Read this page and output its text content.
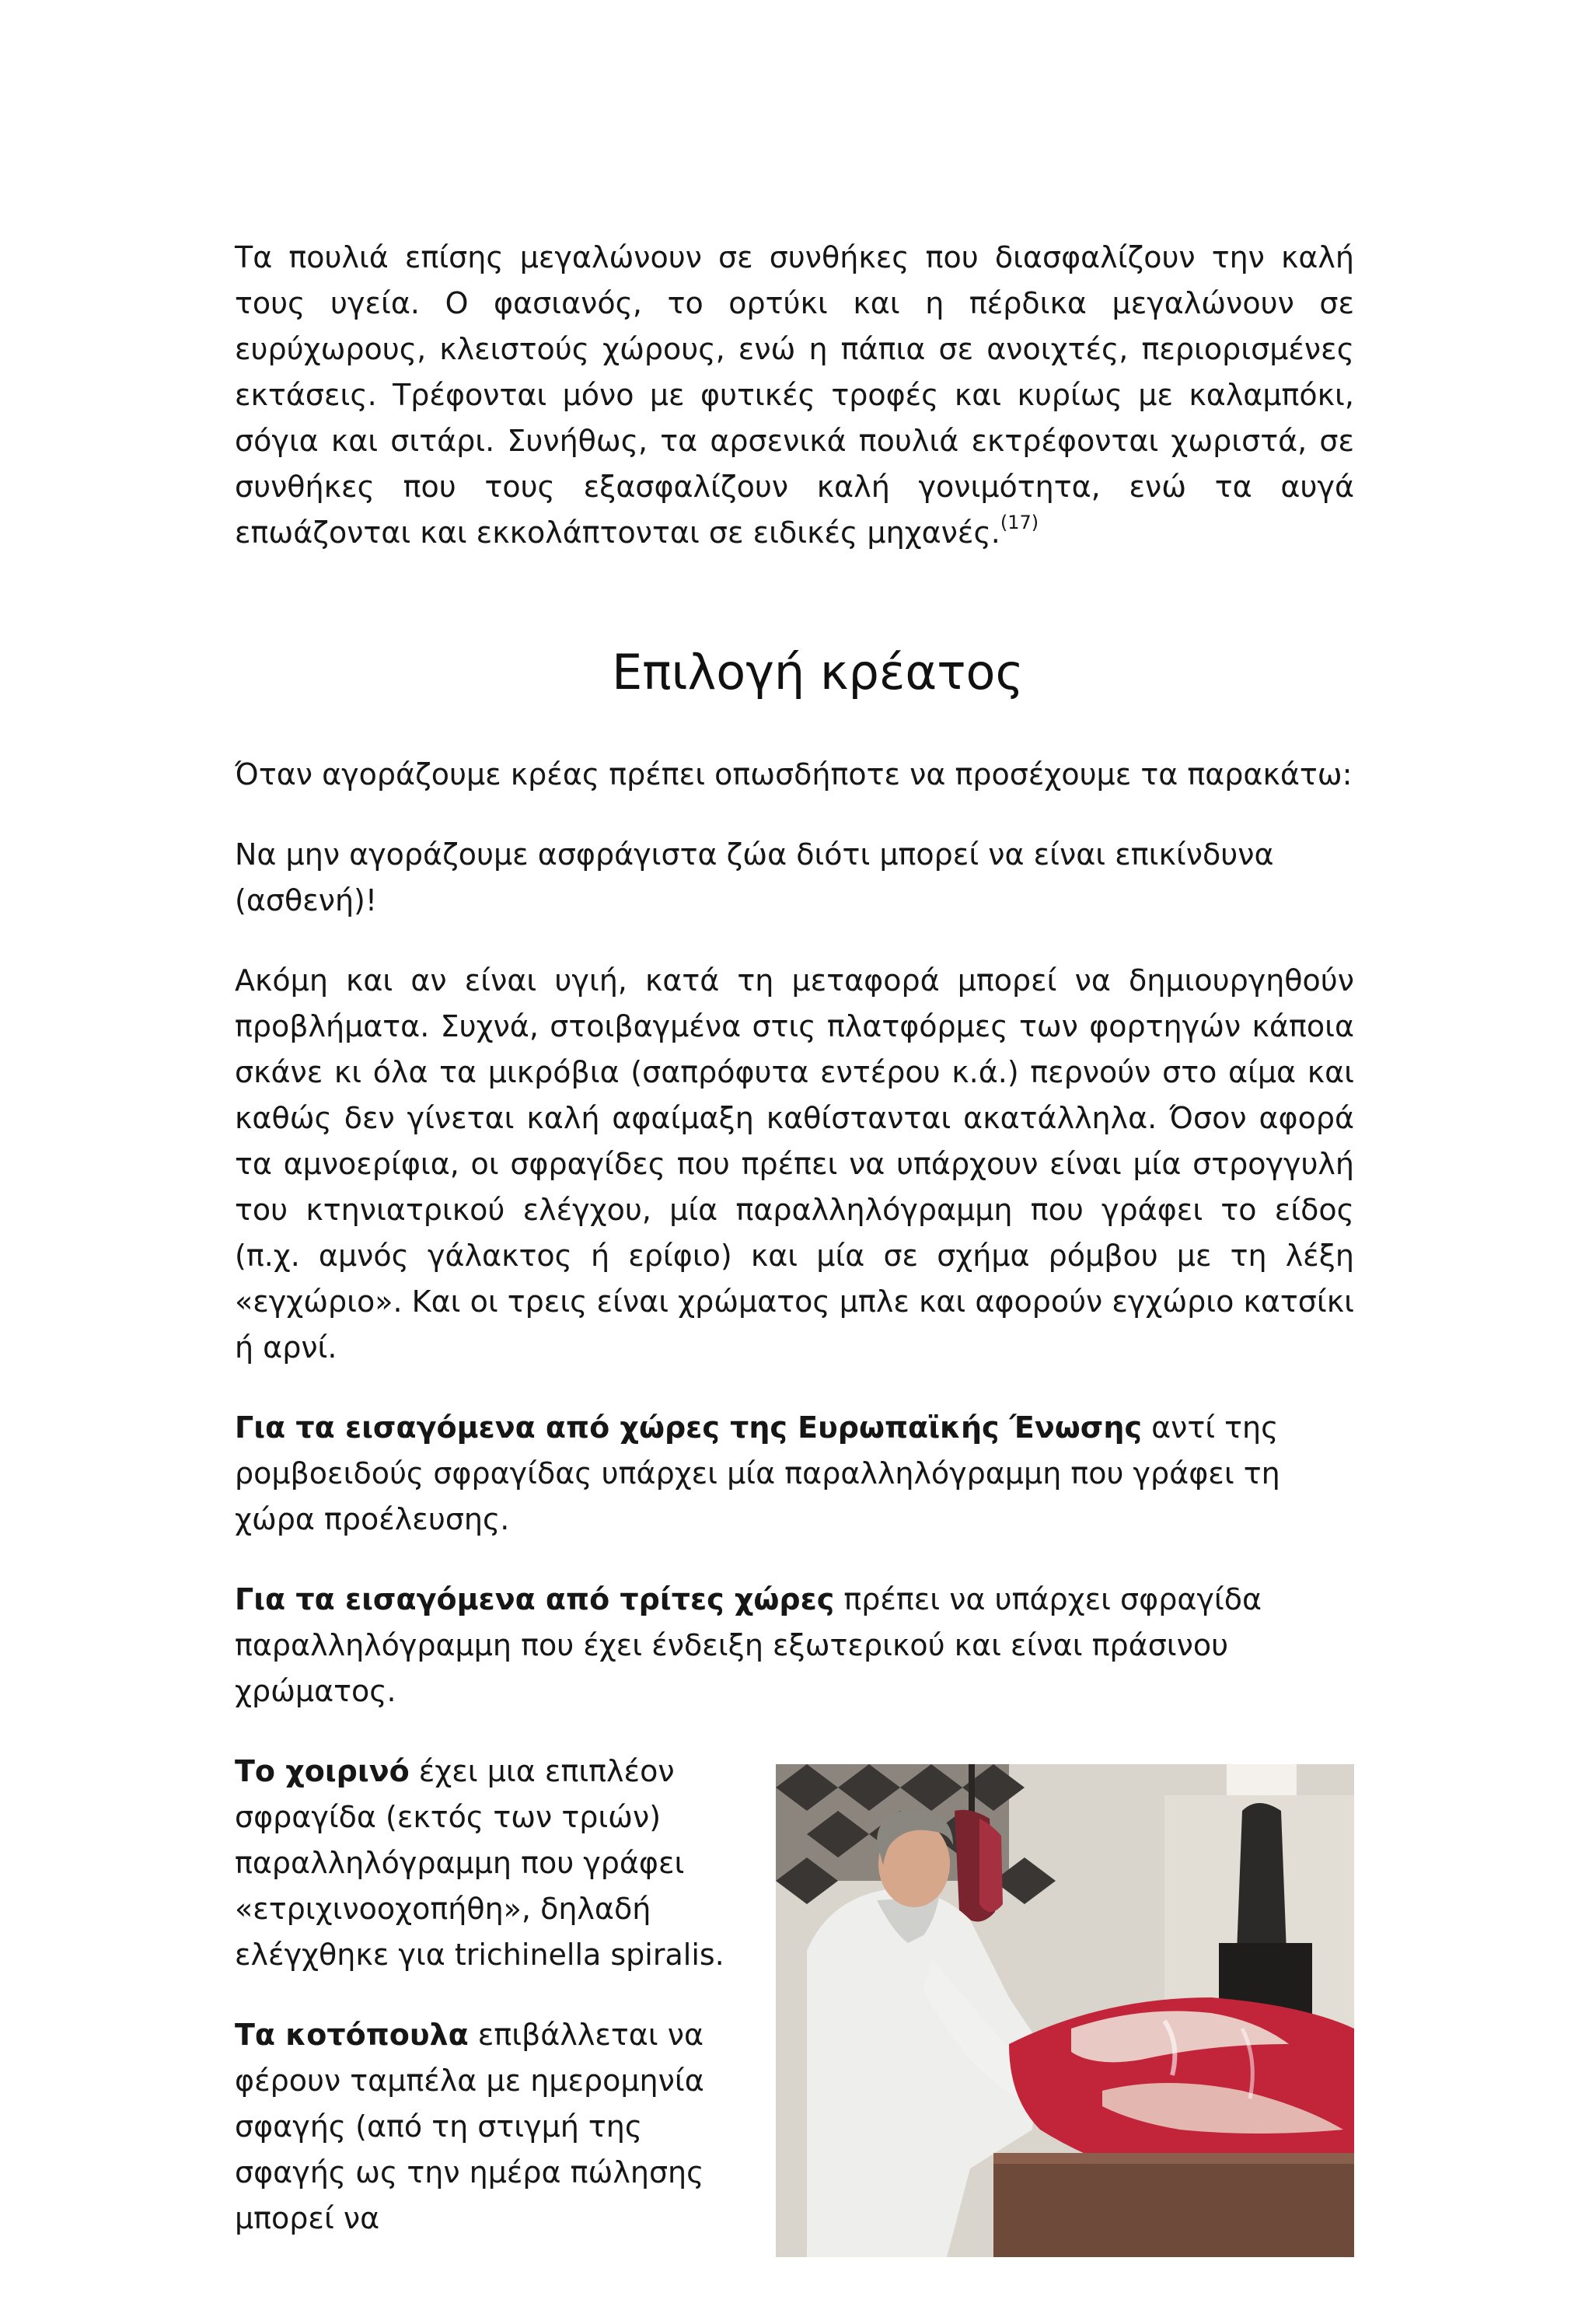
Τα πουλιά επίσης μεγαλώνουν σε συνθήκες που διασφαλίζουν την καλή τους υγεία. Ο φασιανός, το ορτύκι και η πέρδικα μεγαλώνουν σε ευρύχωρους, κλειστούς χώρους, ενώ η πάπια σε ανοιχτές, περιορισμένες εκτάσεις. Τρέφονται μόνο με φυτικές τροφές και κυρίως με καλαμπόκι, σόγια και σιτάρι. Συνήθως, τα αρσενικά πουλιά εκτρέφονται χωριστά, σε συνθήκες που τους εξασφαλίζουν καλή γονιμότητα, ενώ τα αυγά επωάζονται και εκκολάπτονται σε ειδικές μηχανές.$^{(17)}$

Επιλογή κρέατος

Όταν αγοράζουμε κρέας πρέπει οπωσδήποτε να προσέχουμε τα παρακάτω:

Να μην αγοράζουμε ασφράγιστα ζώα διότι μπορεί να είναι επικίνδυνα (ασθενή)!

Ακόμη και αν είναι υγιή, κατά τη μεταφορά μπορεί να δημιουργηθούν προβλήματα. Συχνά, στοιβαγμένα στις πλατφόρμες των φορτηγών κάποια σκάνε κι όλα τα μικρόβια (σαπρόφυτα εντέρου κ.ά.) περνούν στο αίμα και καθώς δεν γίνεται καλή αφαίμαξη καθίστανται ακατάλληλα. Όσον αφορά τα αμνοερίφια, οι σφραγίδες που πρέπει να υπάρχουν είναι μία στρογγυλή του κτηνιατρικού ελέγχου, μία παραλληλόγραμμη που γράφει το είδος (π.χ. αμνός γάλακτος ή ερίφιο) και μία σε σχήμα ρόμβου με τη λέξη «εγχώριο». Και οι τρεις είναι χρώματος μπλε και αφορούν εγχώριο κατσίκι ή αρνί.

Για τα εισαγόμενα από χώρες της Ευρωπαϊκής Ένωσης αντί της ρομβοειδούς σφραγίδας υπάρχει μία παραλληλόγραμμη που γράφει τη χώρα προέλευσης.

Για τα εισαγόμενα από τρίτες χώρες πρέπει να υπάρχει σφραγίδα παραλληλόγραμμη που έχει ένδειξη εξωτερικού και είναι πράσινου χρώματος.

Το χοιρινό έχει μια επιπλέον σφραγίδα (εκτός των τριών) παραλληλόγραμμη που γράφει «ετριχινοοχοπήθη», δηλαδή ελέγχθηκε για trichinella spiralis.

Τα κοτόπουλα επιβάλλεται να φέρουν ταμπέλα με ημερομηνία σφαγής (από τη στιγμή της σφαγής ως την ημέρα πώλησης μπορεί να
